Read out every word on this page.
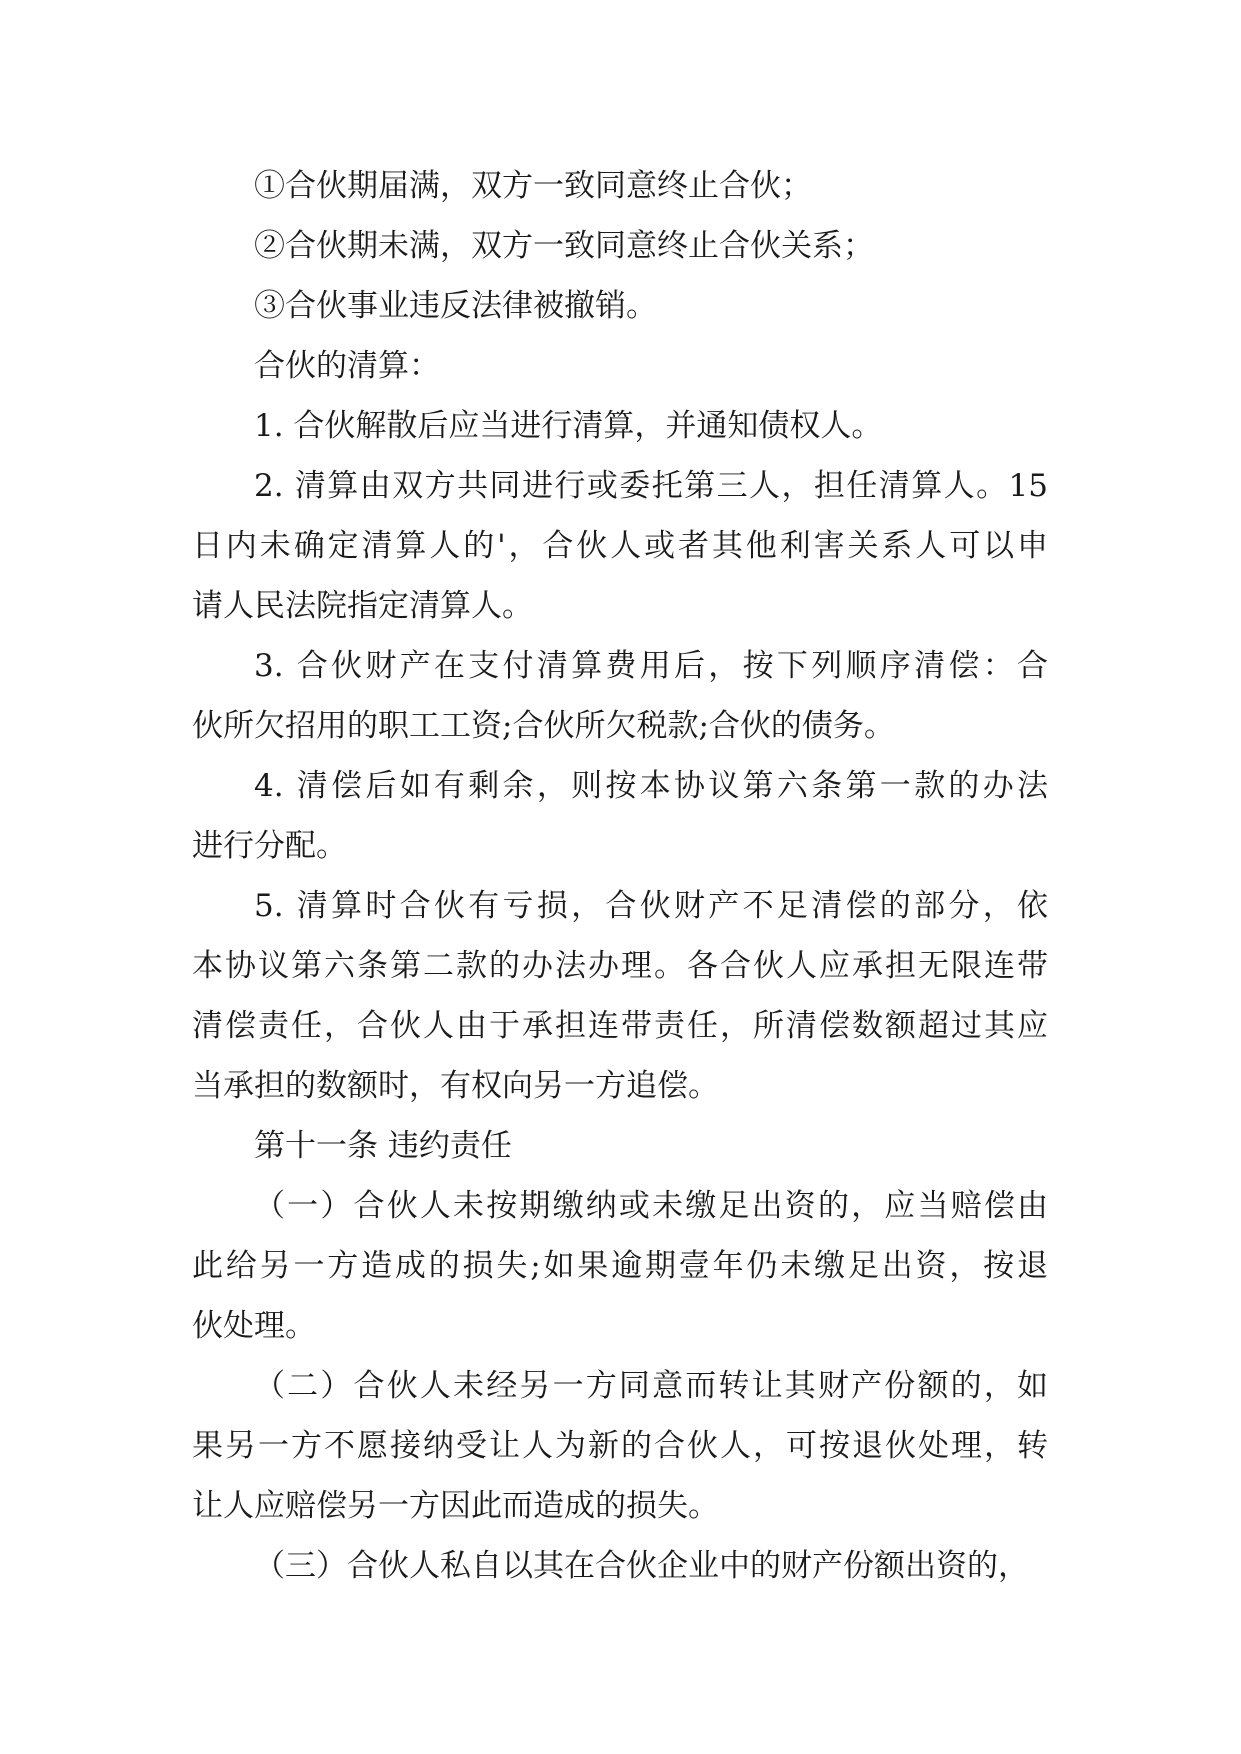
①合伙期届满，双方一致同意终止合伙；
②合伙期未满，双方一致同意终止合伙关系；
③合伙事业违反法律被撤销。
合伙的清算：
1. 合伙解散后应当进行清算，并通知债权人。
2. 清算由双方共同进行或委托第三人，担任清算人。15
日内未确定清算人的'，合伙人或者其他利害关系人可以申
请人民法院指定清算人。
3. 合伙财产在支付清算费用后，按下列顺序清偿：合
伙所欠招用的职工工资;合伙所欠税款;合伙的债务。
4. 清偿后如有剩余，则按本协议第六条第一款的办法
进行分配。
5. 清算时合伙有亏损，合伙财产不足清偿的部分，依
本协议第六条第二款的办法办理。各合伙人应承担无限连带
清偿责任，合伙人由于承担连带责任，所清偿数额超过其应
当承担的数额时，有权向另一方追偿。
第十一条 违约责任
（一）合伙人未按期缴纳或未缴足出资的，应当赔偿由
此给另一方造成的损失;如果逾期壹年仍未缴足出资，按退
伙处理。
（二）合伙人未经另一方同意而转让其财产份额的，如
果另一方不愿接纳受让人为新的合伙人，可按退伙处理，转
让人应赔偿另一方因此而造成的损失。
（三）合伙人私自以其在合伙企业中的财产份额出资的，
